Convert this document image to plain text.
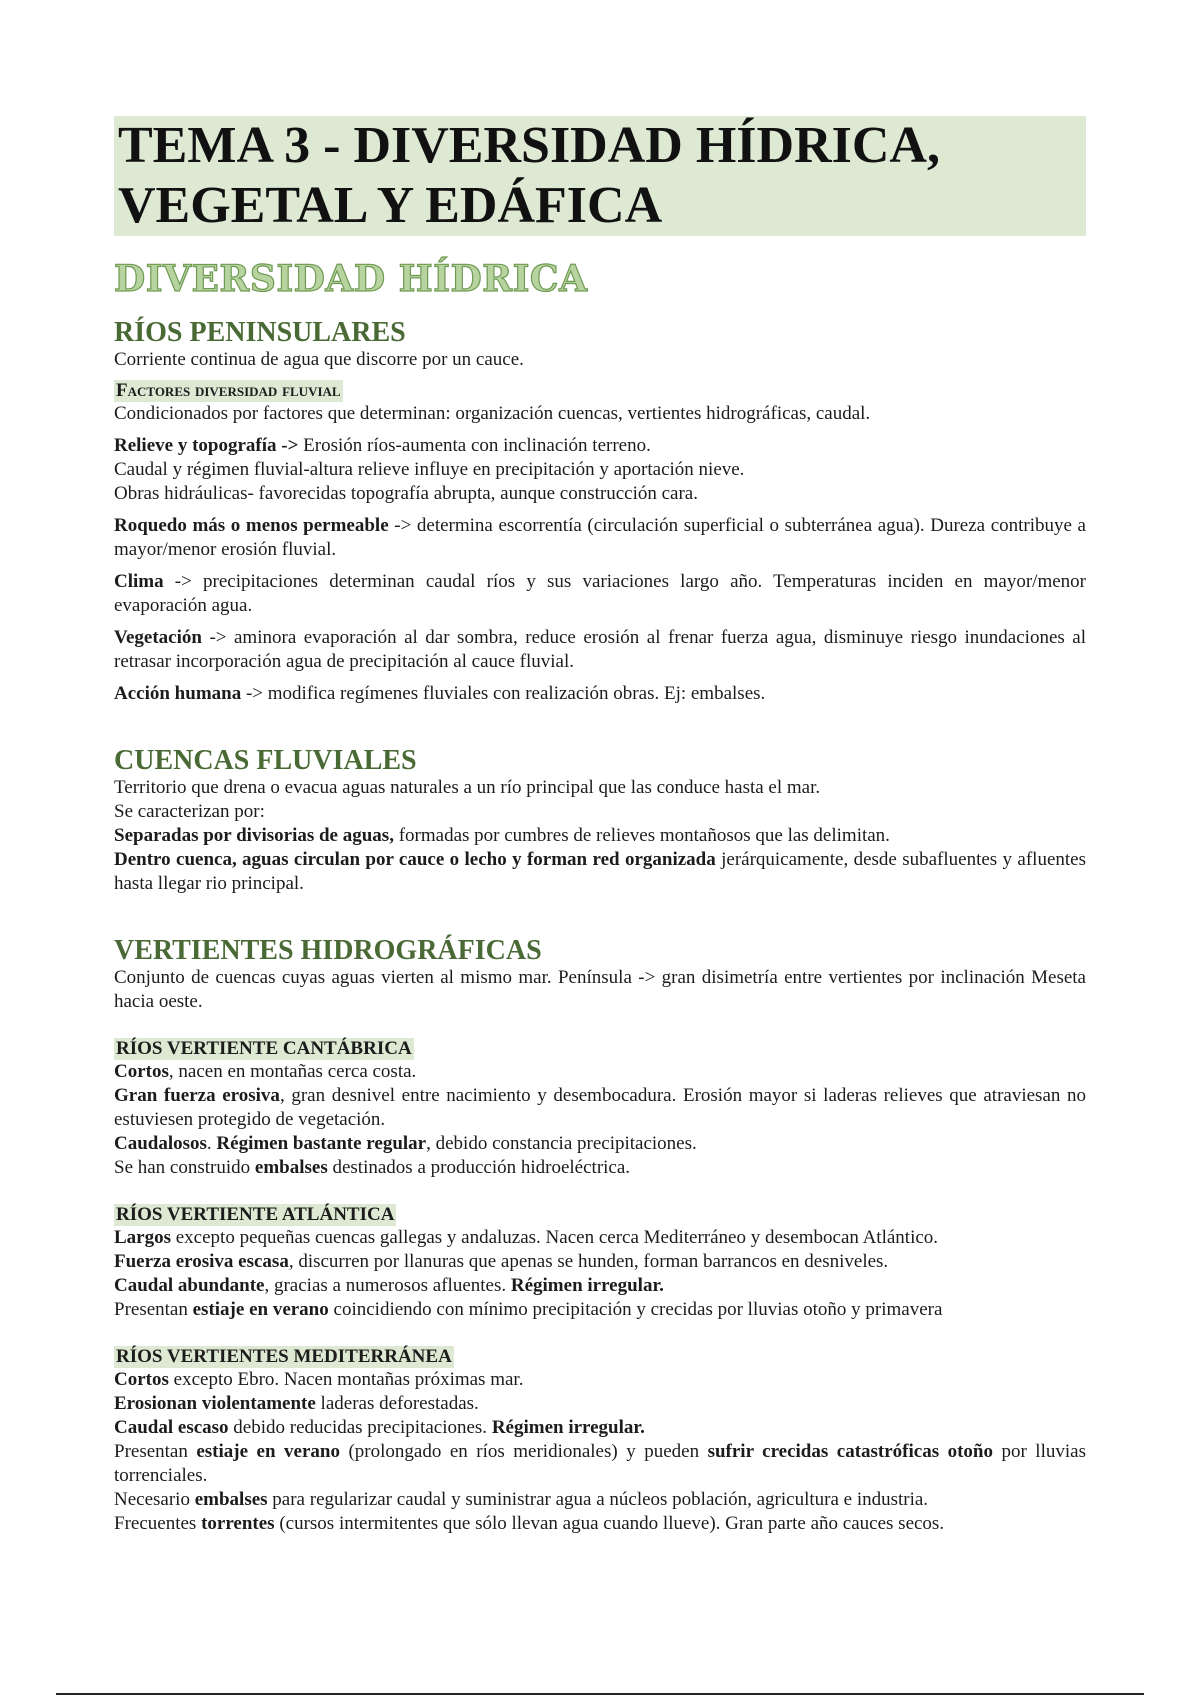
TEMA 3 - DIVERSIDAD HÍDRICA,
VEGETAL Y EDÁFICA
DIVERSIDAD HÍDRICA
RÍOS PENINSULARES

Corriente continua de agua que discorre por un cauce.

Factores diversidad fluvial

Condicionados por factores que determinan: organización cuencas, vertientes hidrográficas, caudal.

Relieve y topografía -> Erosión ríos-aumenta con inclinación terreno.

Caudal y régimen fluvial-altura relieve influye en precipitación y aportación nieve.

Obras hidráulicas- favorecidas topografía abrupta, aunque construcción cara.

Roquedo más o menos permeable -> determina escorrentía (circulación superficial o subterránea agua). Dureza contribuye a mayor/menor erosión fluvial.

Clima -> precipitaciones determinan caudal ríos y sus variaciones largo año. Temperaturas inciden en mayor/menor evaporación agua.

Vegetación -> aminora evaporación al dar sombra, reduce erosión al frenar fuerza agua, disminuye riesgo inundaciones al retrasar incorporación agua de precipitación al cauce fluvial.

Acción humana -> modifica regímenes fluviales con realización obras. Ej: embalses.

CUENCAS FLUVIALES

Territorio que drena o evacua aguas naturales a un río principal que las conduce hasta el mar.

Se caracterizan por:

Separadas por divisorias de aguas, formadas por cumbres de relieves montañosos que las delimitan.

Dentro cuenca, aguas circulan por cauce o lecho y forman red organizada jerárquicamente, desde subafluentes y afluentes hasta llegar rio principal.

VERTIENTES HIDROGRÁFICAS

Conjunto de cuencas cuyas aguas vierten al mismo mar. Península -> gran disimetría entre vertientes por inclinación Meseta hacia oeste.

RÍOS VERTIENTE CANTÁBRICA

Cortos, nacen en montañas cerca costa.

Gran fuerza erosiva, gran desnivel entre nacimiento y desembocadura. Erosión mayor si laderas relieves que atraviesan no estuviesen protegido de vegetación.

Caudalosos. Régimen bastante regular, debido constancia precipitaciones.

Se han construido embalses destinados a producción hidroeléctrica.

RÍOS VERTIENTE ATLÁNTICA

Largos excepto pequeñas cuencas gallegas y andaluzas. Nacen cerca Mediterráneo y desembocan Atlántico.

Fuerza erosiva escasa, discurren por llanuras que apenas se hunden, forman barrancos en desniveles.

Caudal abundante, gracias a numerosos afluentes. Régimen irregular.

Presentan estiaje en verano coincidiendo con mínimo precipitación y crecidas por lluvias otoño y primavera

RÍOS VERTIENTES MEDITERRÁNEA

Cortos excepto Ebro. Nacen montañas próximas mar.

Erosionan violentamente laderas deforestadas.

Caudal escaso debido reducidas precipitaciones. Régimen irregular.

Presentan estiaje en verano (prolongado en ríos meridionales) y pueden sufrir crecidas catastróficas otoño por lluvias torrenciales.

Necesario embalses para regularizar caudal y suministrar agua a núcleos población, agricultura e industria.

Frecuentes torrentes (cursos intermitentes que sólo llevan agua cuando llueve). Gran parte año cauces secos.
